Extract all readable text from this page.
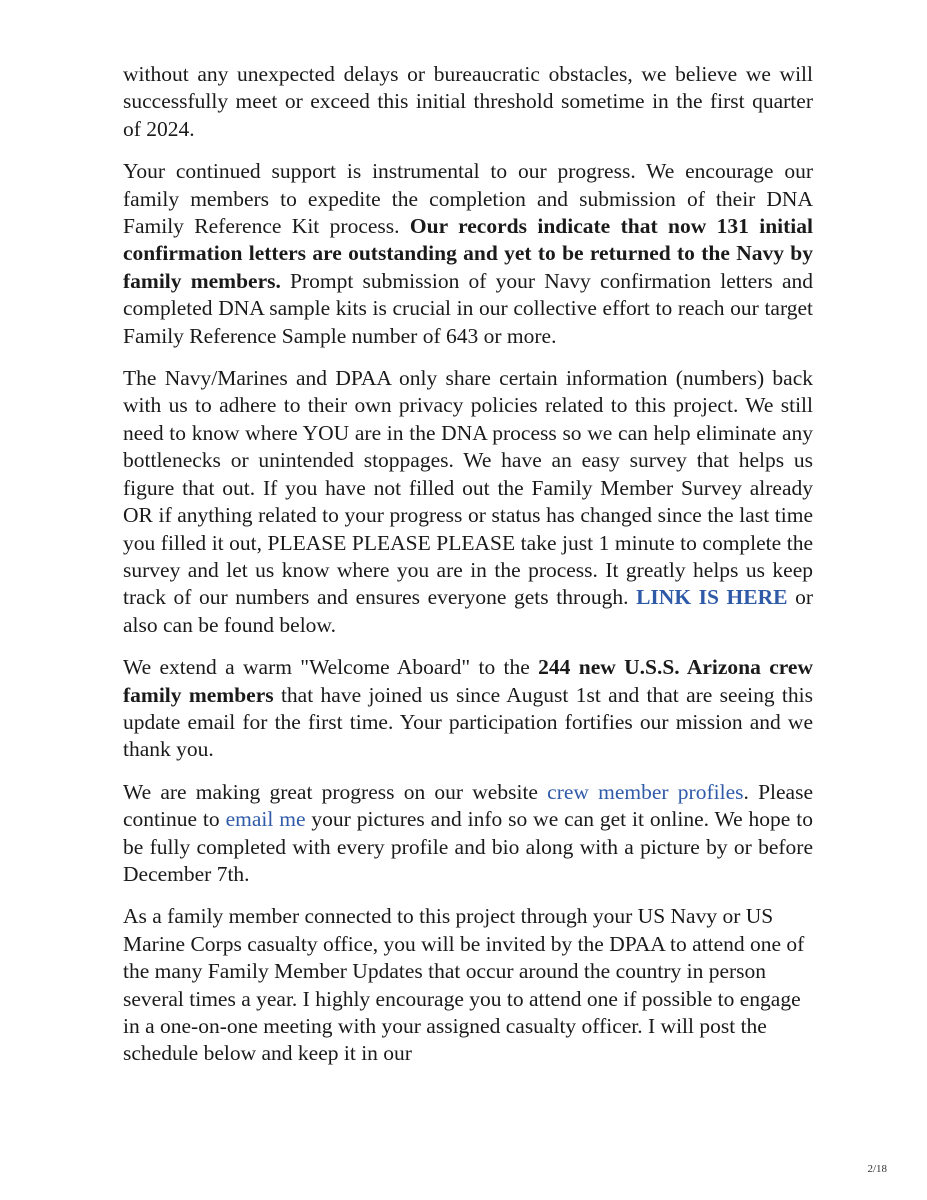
without any unexpected delays or bureaucratic obstacles, we believe we will successfully meet or exceed this initial threshold sometime in the first quarter of 2024.

Your continued support is instrumental to our progress. We encourage our family members to expedite the completion and submission of their DNA Family Reference Kit process. Our records indicate that now 131 initial confirmation letters are outstanding and yet to be returned to the Navy by family members. Prompt submission of your Navy confirmation letters and completed DNA sample kits is crucial in our collective effort to reach our target Family Reference Sample number of 643 or more.

The Navy/Marines and DPAA only share certain information (numbers) back with us to adhere to their own privacy policies related to this project. We still need to know where YOU are in the DNA process so we can help eliminate any bottlenecks or unintended stoppages. We have an easy survey that helps us figure that out. If you have not filled out the Family Member Survey already OR if anything related to your progress or status has changed since the last time you filled it out, PLEASE PLEASE PLEASE take just 1 minute to complete the survey and let us know where you are in the process. It greatly helps us keep track of our numbers and ensures everyone gets through. LINK IS HERE or also can be found below.

We extend a warm "Welcome Aboard" to the 244 new U.S.S. Arizona crew family members that have joined us since August 1st and that are seeing this update email for the first time. Your participation fortifies our mission and we thank you.

We are making great progress on our website crew member profiles. Please continue to email me your pictures and info so we can get it online. We hope to be fully completed with every profile and bio along with a picture by or before December 7th.

As a family member connected to this project through your US Navy or US Marine Corps casualty office, you will be invited by the DPAA to attend one of the many Family Member Updates that occur around the country in person several times a year. I highly encourage you to attend one if possible to engage in a one-on-one meeting with your assigned casualty officer. I will post the schedule below and keep it in our

2/18
